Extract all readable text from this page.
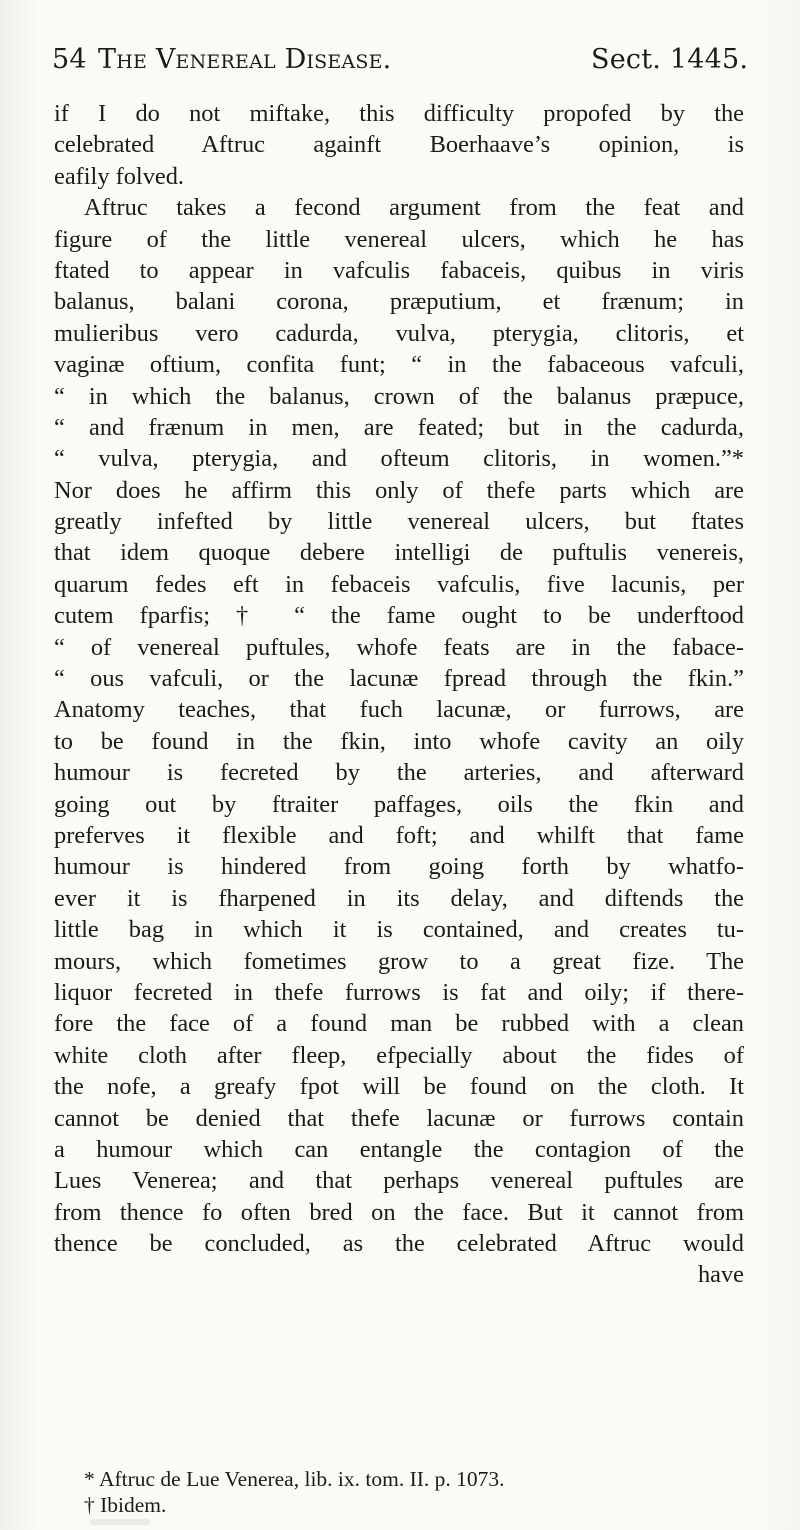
54 The Venereal Disease.	Sect. 1445.
if I do not miftake, this difficulty propofed by the
celebrated Aftruc againft Boerhaave’s opinion, is
eafily folved.
Aftruc takes a fecond argument from the feat and
figure of the little venereal ulcers, which he has
ftated to appear in vafculis fabaceis, quibus in viris
balanus, balani corona, præputium, et frænum; in
mulieribus vero cadurda, vulva, pterygia, clitoris, et
vaginæ oftium, confita funt; “ in the fabaceous vafculi,
“ in which the balanus, crown of the balanus præpuce,
“ and frænum in men, are feated; but in the cadurda,
“ vulva, pterygia, and ofteum clitoris, in women.”*
Nor does he affirm this only of thefe parts which are
greatly infefted by little venereal ulcers, but ftates
that idem quoque debere intelligi de puftulis venereis,
quarum fedes eft in febaceis vafculis, five lacunis, per
cutem fparfis; † “ the fame ought to be underftood
“ of venereal puftules, whofe feats are in the fabace-
“ ous vafculi, or the lacunæ fpread through the fkin.”
Anatomy teaches, that fuch lacunæ, or furrows, are
to be found in the fkin, into whofe cavity an oily
humour is fecreted by the arteries, and afterward
going out by ftraiter paffages, oils the fkin and
preferves it flexible and foft; and whilft that fame
humour is hindered from going forth by whatfo-
ever it is fharpened in its delay, and diftends the
little bag in which it is contained, and creates tu-
mours, which fometimes grow to a great fize. The
liquor fecreted in thefe furrows is fat and oily; if there-
fore the face of a found man be rubbed with a clean
white cloth after fleep, efpecially about the fides of
the nofe, a greafy fpot will be found on the cloth. It
cannot be denied that thefe lacunæ or furrows contain
a humour which can entangle the contagion of the
Lues Venerea; and that perhaps venereal puftules are
from thence fo often bred on the face. But it cannot from
thence be concluded, as the celebrated Aftruc would
have
* Aftruc de Lue Venerea, lib. ix. tom. II. p. 1073.
† Ibidem.
